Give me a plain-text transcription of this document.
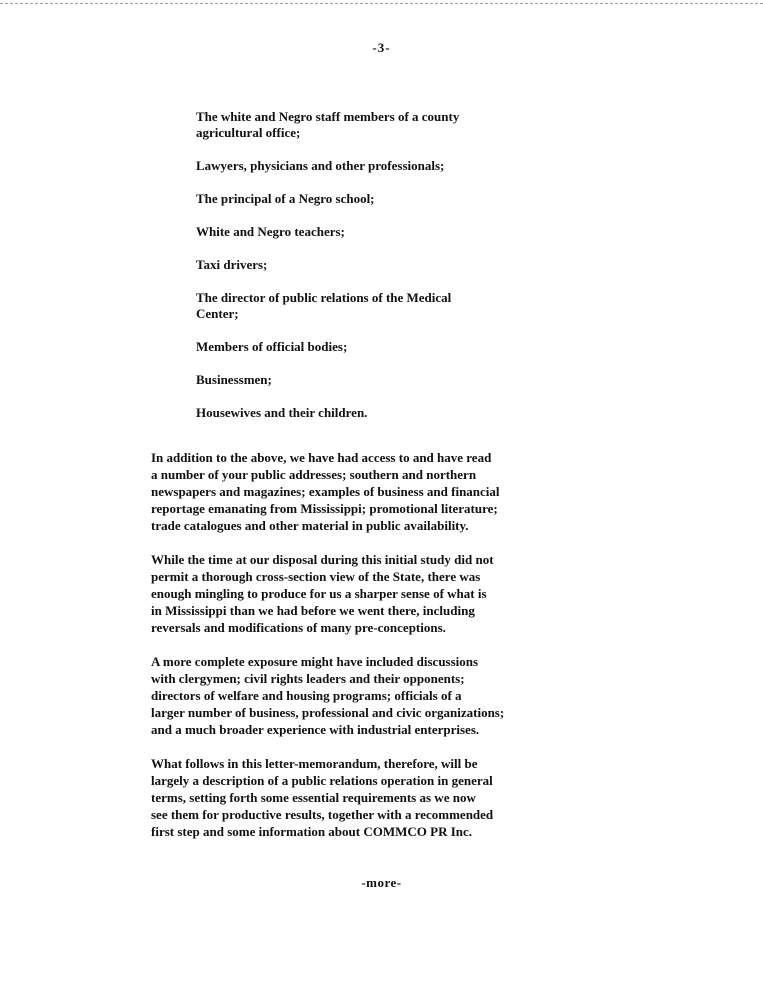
-3-
The white and Negro staff members of a county
agricultural office;
Lawyers, physicians and other professionals;
The principal of a Negro school;
White and Negro teachers;
Taxi drivers;
The director of public relations of the Medical
Center;
Members of official bodies;
Businessmen;
Housewives and their children.

In addition to the above, we have had access to and have read
a number of your public addresses; southern and northern
newspapers and magazines; examples of business and financial
reportage emanating from Mississippi; promotional literature;
trade catalogues and other material in public availability.

While the time at our disposal during this initial study did not
permit a thorough cross-section view of the State, there was
enough mingling to produce for us a sharper sense of what is
in Mississippi than we had before we went there, including
reversals and modifications of many pre-conceptions.

A more complete exposure might have included discussions
with clergymen; civil rights leaders and their opponents;
directors of welfare and housing programs; officials of a
larger number of business, professional and civic organizations;
and a much broader experience with industrial enterprises.

What follows in this letter-memorandum, therefore, will be
largely a description of a public relations operation in general
terms, setting forth some essential requirements as we now
see them for productive results, together with a recommended
first step and some information about COMMCO PR Inc.

-more-
